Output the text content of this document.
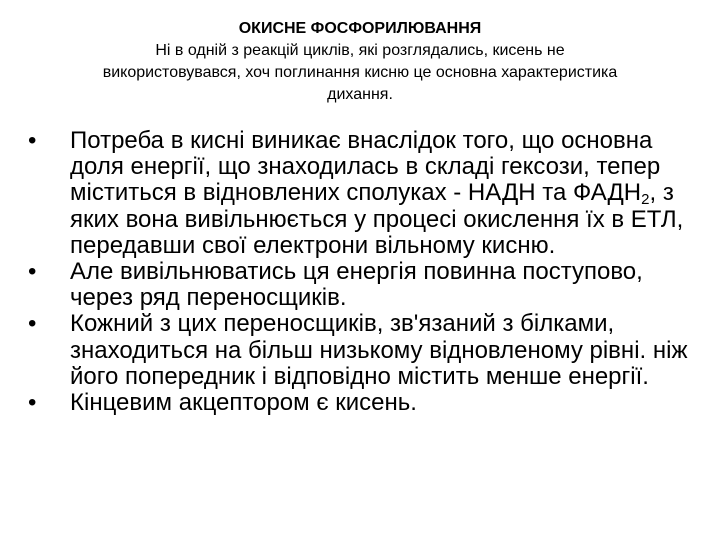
ОКИСНЕ ФОСФОРИЛЮВАННЯ
Ні в одній з реакцій циклів, які розглядались, кисень не використовувався, хоч поглинання кисню це основна характеристика дихання.
•	Потреба в кисні виникає внаслідок того, що основна доля енергії, що знаходилась в складі гексози, тепер міститься в відновлених сполуках - НАДН та $ФАДН_2$, з яких вона вивільнюється у процесі окислення їх в ЕТЛ, передавши свої електрони вільному кисню.
•	Але вивільнюватись ця енергія повинна поступово, через ряд переносщиків.
•	Кожний з цих переносщиків, зв'язаний з білками, знаходиться на більш низькому відновленому рівні. ніж його попередник і відповідно містить менше енергії.
•	Кінцевим акцептором є кисень.
